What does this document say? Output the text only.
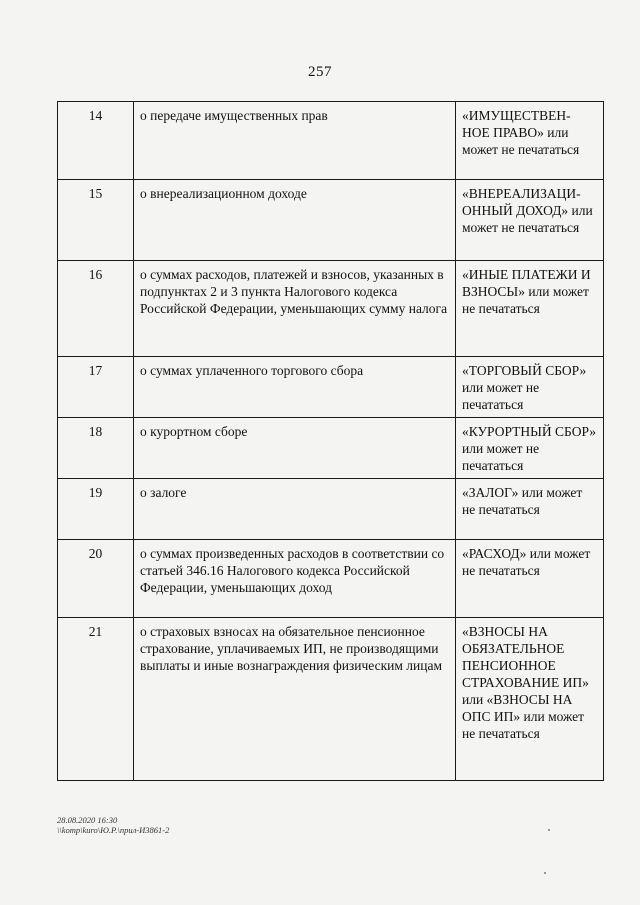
257
14	о передаче имущественных прав	«ИМУЩЕСТВЕН-НОЕ ПРАВО» или может не печататься
15	о внереализационном доходе	«ВНЕРЕАЛИЗАЦИ-ОННЫЙ ДОХОД» или может не печататься
16	о суммах расходов, платежей и взносов, указанных в подпунктах 2 и 3 пункта Налогового кодекса Российской Федерации, уменьшающих сумму налога	«ИНЫЕ ПЛАТЕЖИ И ВЗНОСЫ» или может не печататься
17	о суммах уплаченного торгового сбора	«ТОРГОВЫЙ СБОР» или может не печататься
18	о курортном сборе	«КУРОРТНЫЙ СБОР» или может не печататься
19	о залоге	«ЗАЛОГ» или может не печататься
20	о суммах произведенных расходов в соответствии со статьей 346.16 Налогового кодекса Российской Федерации, уменьшающих доход	«РАСХОД» или может не печататься
21	о страховых взносах на обязательное пенсионное страхование, уплачиваемых ИП, не производящими выплаты и иные вознаграждения физическим лицам	«ВЗНОСЫ НА ОБЯЗАТЕЛЬНОЕ ПЕНСИОННОЕ СТРАХОВАНИЕ ИП» или «ВЗНОСЫ НА ОПС ИП» или может не печататься
28.08.2020 16:30
\\komp\kuro\Ю.Р.\прил-И3861-2
